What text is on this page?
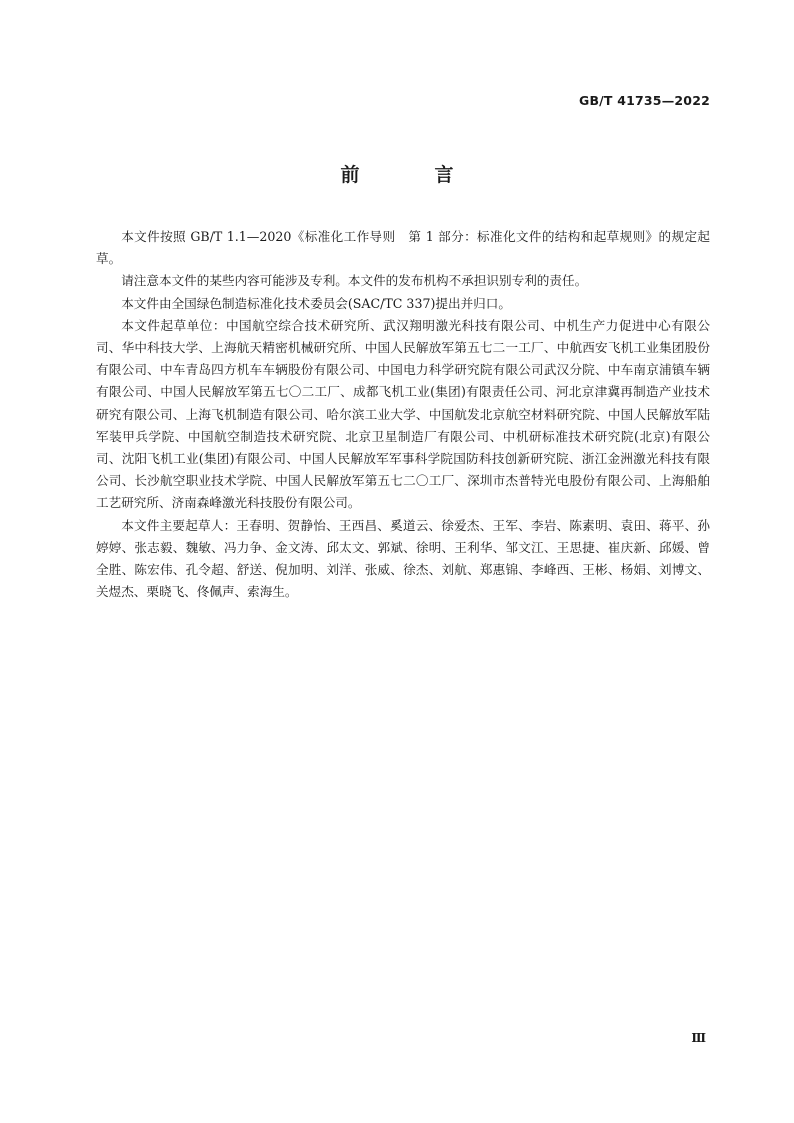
GB/T 41735—2022
前　言

本文件按照 GB/T 1.1—2020《标准化工作导则　第 1 部分：标准化文件的结构和起草规则》的规定起草。

请注意本文件的某些内容可能涉及专利。本文件的发布机构不承担识别专利的责任。

本文件由全国绿色制造标准化技术委员会(SAC/TC 337)提出并归口。

本文件起草单位：中国航空综合技术研究所、武汉翔明激光科技有限公司、中机生产力促进中心有限公司、华中科技大学、上海航天精密机械研究所、中国人民解放军第五七二一工厂、中航西安飞机工业集团股份有限公司、中车青岛四方机车车辆股份有限公司、中国电力科学研究院有限公司武汉分院、中车南京浦镇车辆有限公司、中国人民解放军第五七〇二工厂、成都飞机工业(集团)有限责任公司、河北京津冀再制造产业技术研究有限公司、上海飞机制造有限公司、哈尔滨工业大学、中国航发北京航空材料研究院、中国人民解放军陆军装甲兵学院、中国航空制造技术研究院、北京卫星制造厂有限公司、中机研标准技术研究院(北京)有限公司、沈阳飞机工业(集团)有限公司、中国人民解放军军事科学院国防科技创新研究院、浙江金洲激光科技有限公司、长沙航空职业技术学院、中国人民解放军第五七二〇工厂、深圳市杰普特光电股份有限公司、上海船舶工艺研究所、济南森峰激光科技股份有限公司。

本文件主要起草人：王春明、贺静怡、王西昌、奚道云、徐爱杰、王军、李岩、陈素明、袁田、蒋平、孙婷婷、张志毅、魏敏、冯力争、金文涛、邱太文、郭斌、徐明、王利华、邹文江、王思捷、崔庆新、邱媛、曾全胜、陈宏伟、孔令超、舒送、倪加明、刘洋、张威、徐杰、刘航、郑惠锦、李峰西、王彬、杨娟、刘博文、关煜杰、栗晓飞、佟佩声、索海生。

Ⅲ
